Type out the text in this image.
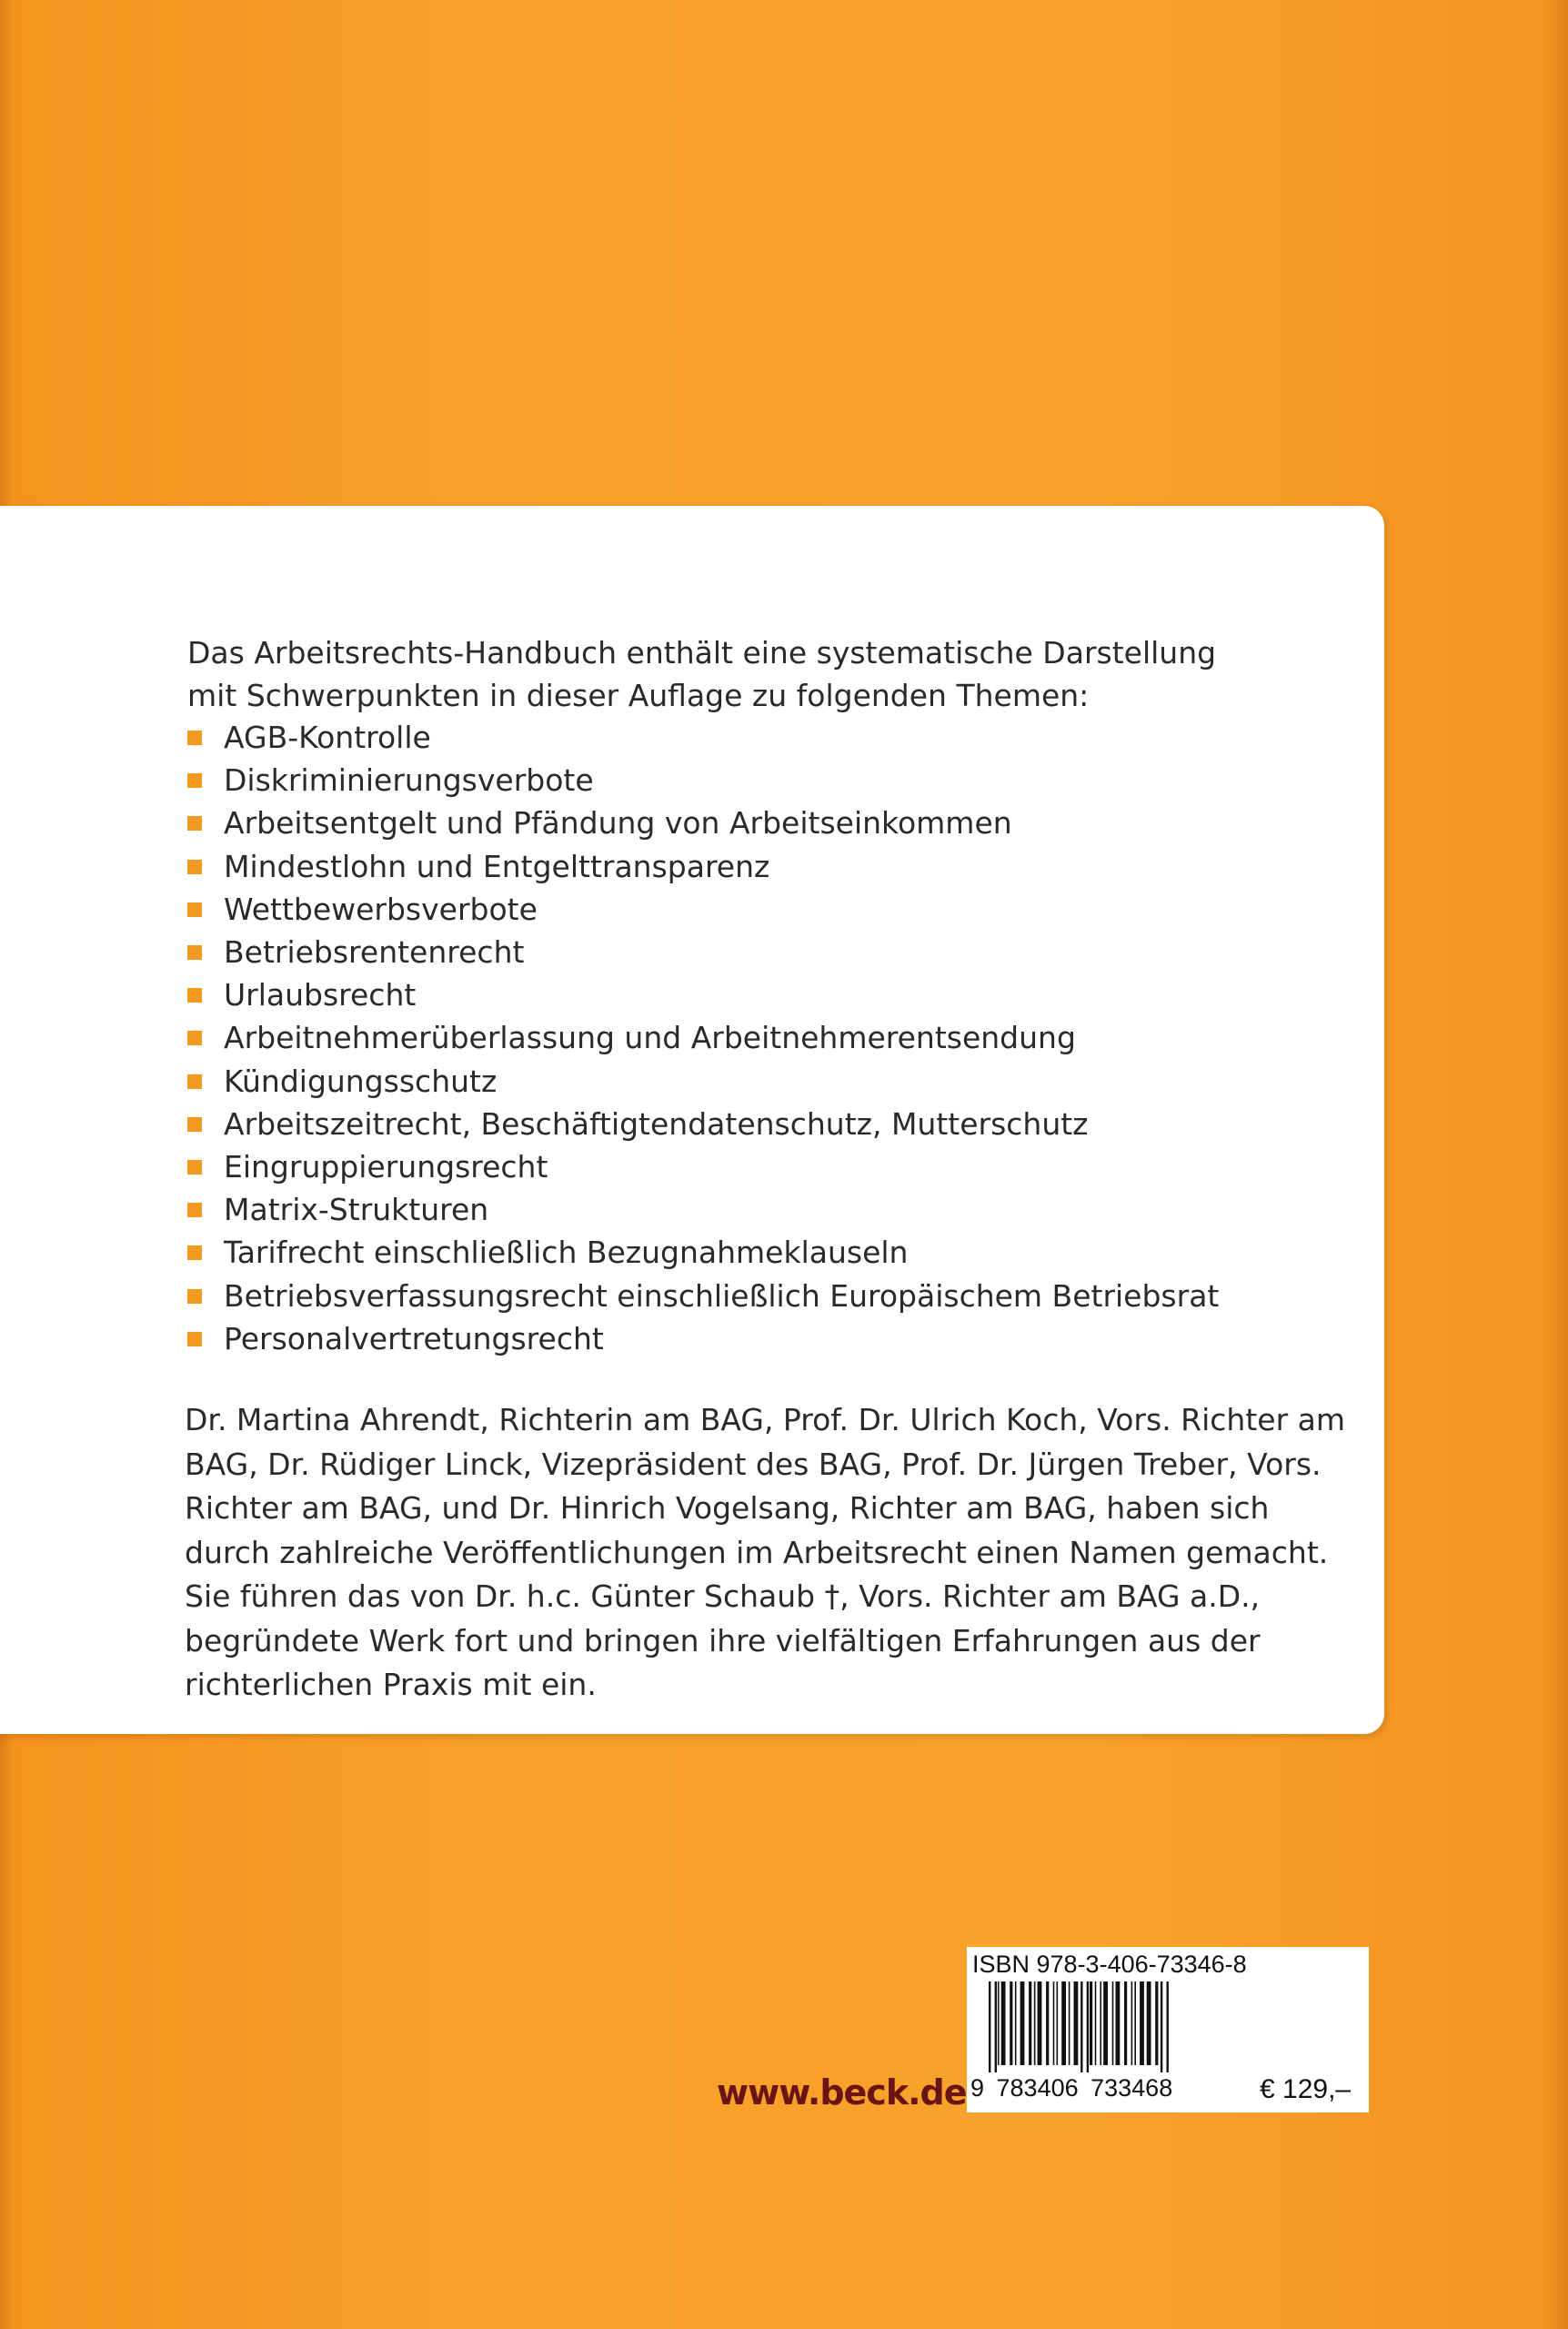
Das Arbeitsrechts-Handbuch enthält eine systematische Darstellung mit Schwerpunkten in dieser Auflage zu folgenden Themen:

AGB-Kontrolle
Diskriminierungsverbote
Arbeitsentgelt und Pfändung von Arbeitseinkommen
Mindestlohn und Entgelttransparenz
Wettbewerbsverbote
Betriebsrentenrecht
Urlaubsrecht
Arbeitnehmerüberlassung und Arbeitnehmerentsendung
Kündigungsschutz
Arbeitszeitrecht, Beschäftigtendatenschutz, Mutterschutz
Eingruppierungsrecht
Matrix-Strukturen
Tarifrecht einschließlich Bezugnahmeklauseln
Betriebsverfassungsrecht einschließlich Europäischem Betriebsrat
Personalvertretungsrecht

Dr. Martina Ahrendt, Richterin am BAG, Prof. Dr. Ulrich Koch, Vors. Richter am BAG, Dr. Rüdiger Linck, Vizepräsident des BAG, Prof. Dr. Jürgen Treber, Vors. Richter am BAG, und Dr. Hinrich Vogelsang, Richter am BAG, haben sich durch zahlreiche Veröffentlichungen im Arbeitsrecht einen Namen gemacht. Sie führen das von Dr. h.c. Günter Schaub †, Vors. Richter am BAG a.D., begründete Werk fort und bringen ihre vielfältigen Erfahrungen aus der richterlichen Praxis mit ein.

www.beck.de
ISBN 978-3-406-73346-8
9 783406 733468	€ 129,–
